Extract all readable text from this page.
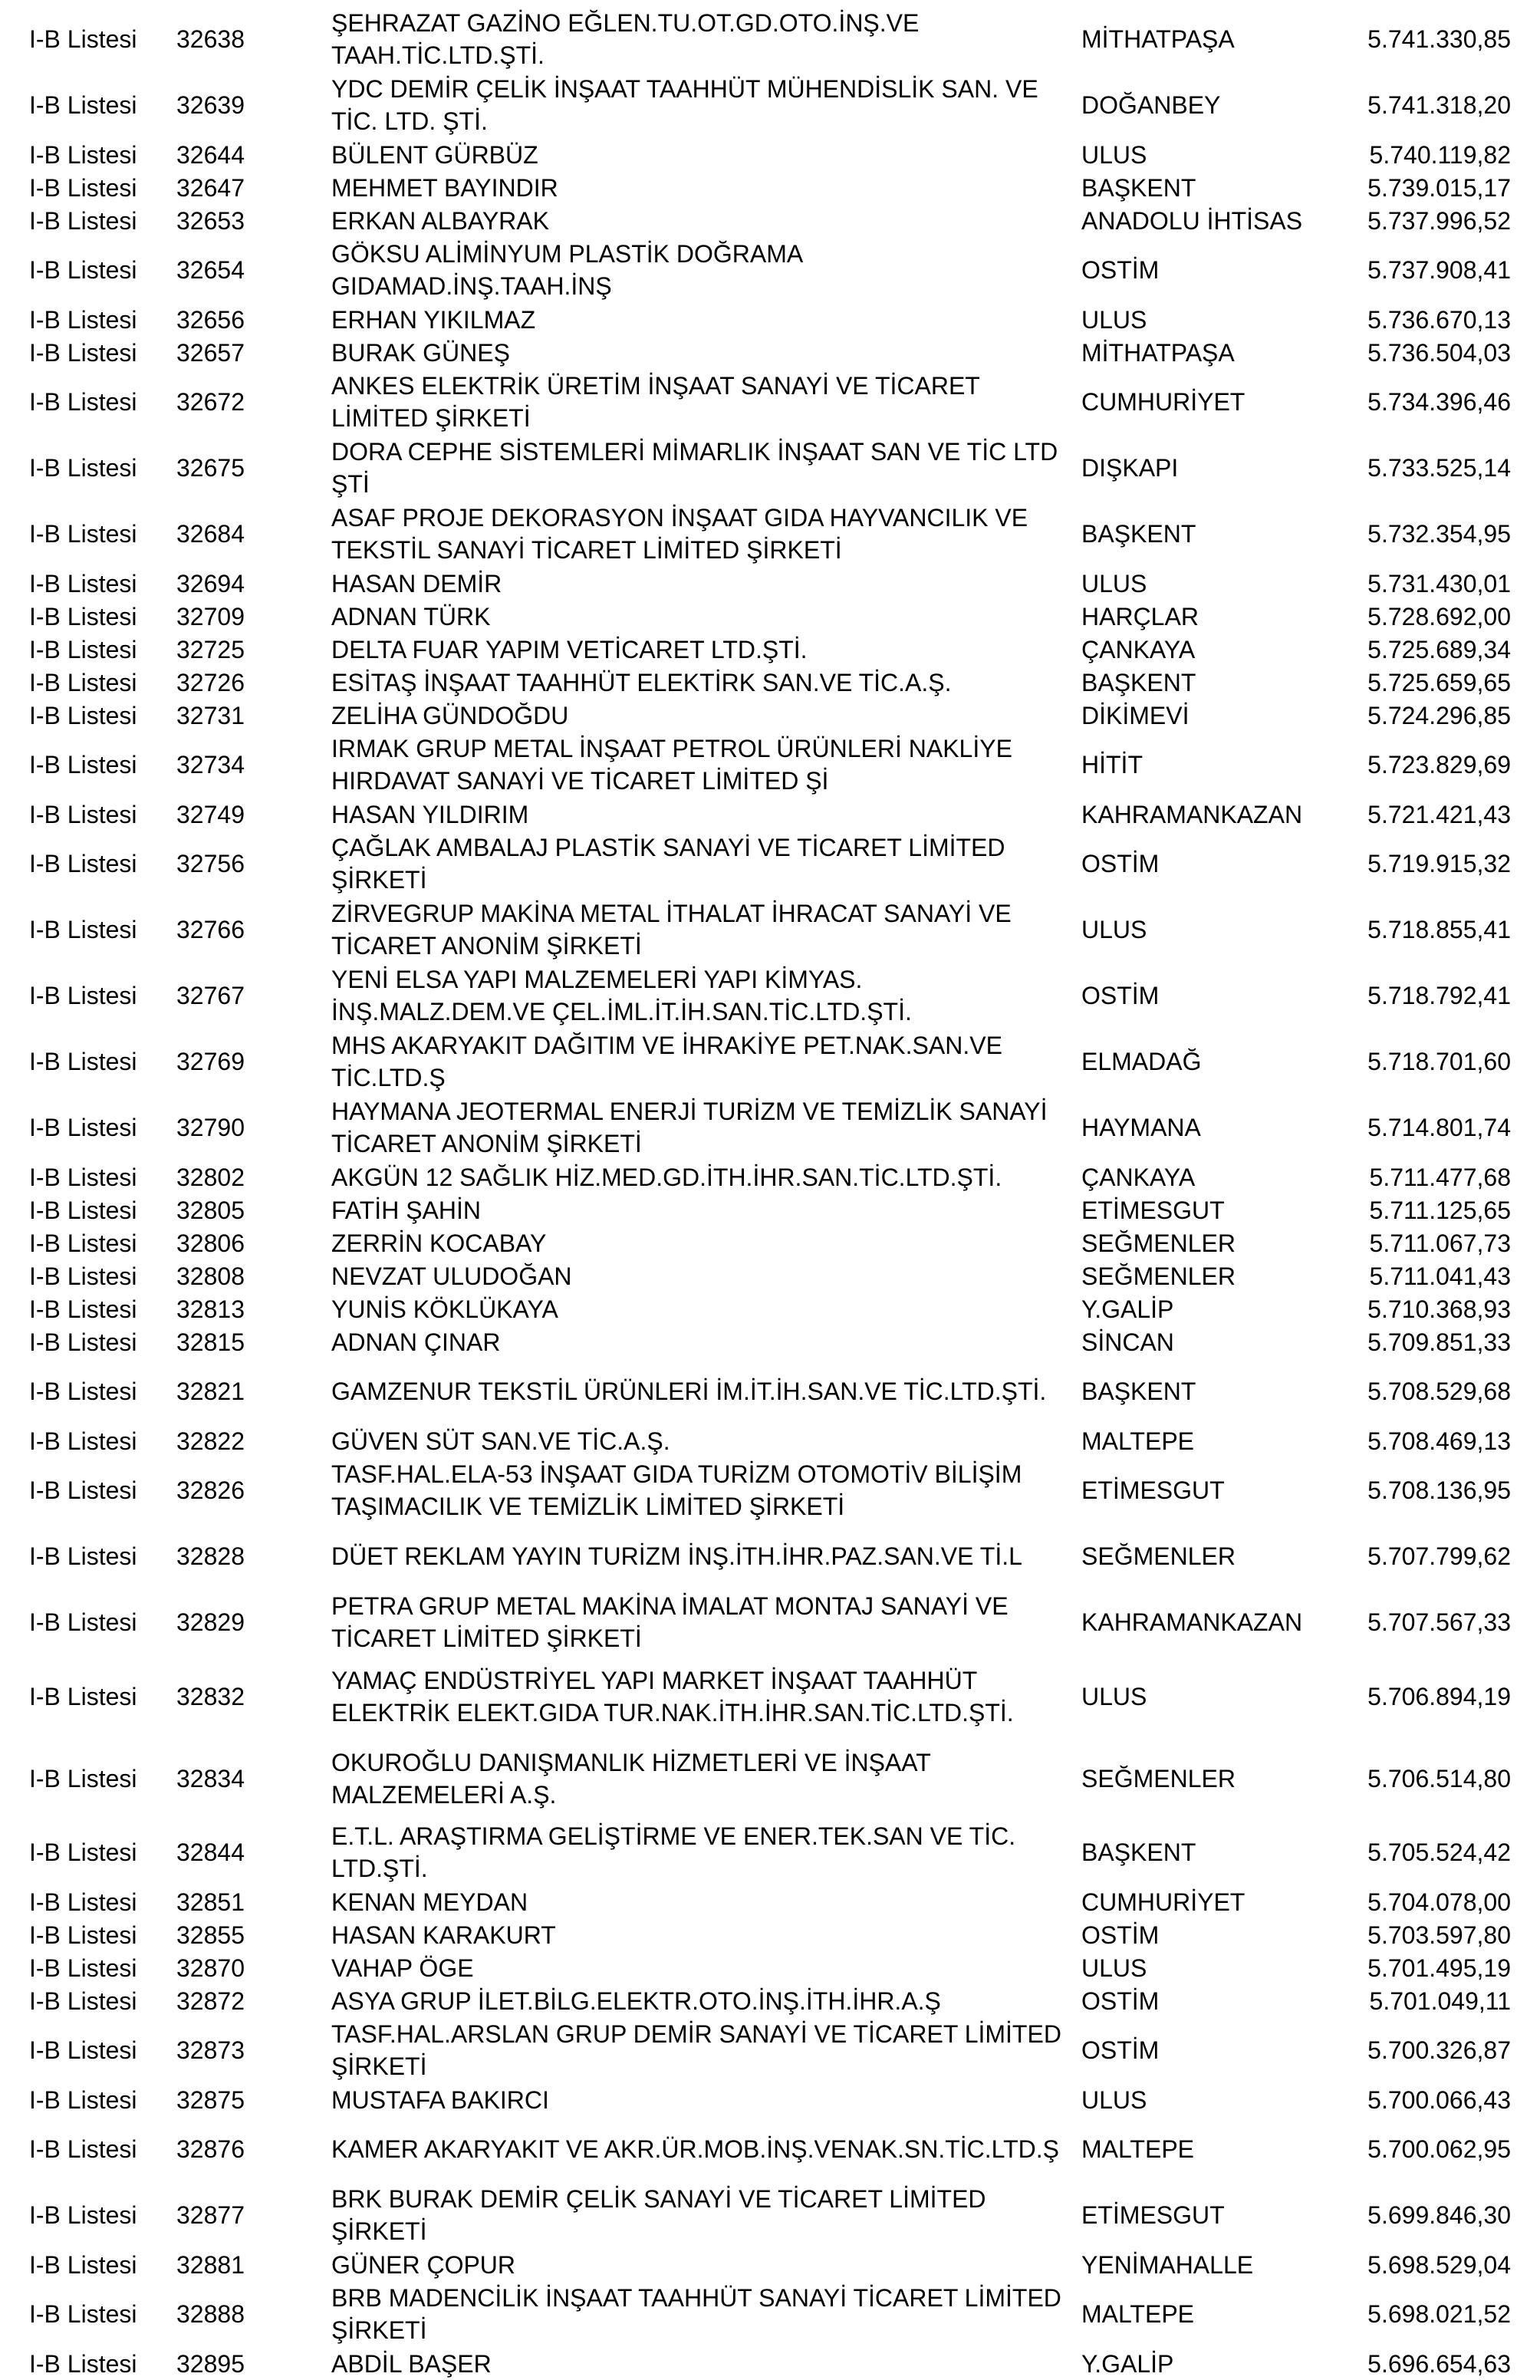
I-B Listesi	32638	ŞEHRAZAT GAZİNO EĞLEN.TU.OT.GD.OTO.İNŞ.VE TAAH.TİC.LTD.ŞTİ.	MİTHATPAŞA	5.741.330,85
I-B Listesi	32639	YDC DEMİR ÇELİK İNŞAAT TAAHHÜT MÜHENDİSLİK SAN. VE TİC. LTD. ŞTİ.	DOĞANBEY	5.741.318,20
I-B Listesi	32644	BÜLENT GÜRBÜZ	ULUS	5.740.119,82
I-B Listesi	32647	MEHMET BAYINDIR	BAŞKENT	5.739.015,17
I-B Listesi	32653	ERKAN ALBAYRAK	ANADOLU İHTİSAS	5.737.996,52
I-B Listesi	32654	GÖKSU ALİMİNYUM PLASTİK DOĞRAMA GIDAMAD.İNŞ.TAAH.İNŞ	OSTİM	5.737.908,41
I-B Listesi	32656	ERHAN YIKILMAZ	ULUS	5.736.670,13
I-B Listesi	32657	BURAK GÜNEŞ	MİTHATPAŞA	5.736.504,03
I-B Listesi	32672	ANKES ELEKTRİK ÜRETİM İNŞAAT SANAYİ VE TİCARET LİMİTED ŞİRKETİ	CUMHURİYET	5.734.396,46
I-B Listesi	32675	DORA CEPHE SİSTEMLERİ MİMARLIK İNŞAAT SAN VE TİC LTD ŞTİ	DIŞKAPI	5.733.525,14
I-B Listesi	32684	ASAF PROJE DEKORASYON İNŞAAT GIDA HAYVANCILIK VE TEKSTİL SANAYİ TİCARET LİMİTED ŞİRKETİ	BAŞKENT	5.732.354,95
I-B Listesi	32694	HASAN DEMİR	ULUS	5.731.430,01
I-B Listesi	32709	ADNAN TÜRK	HARÇLAR	5.728.692,00
I-B Listesi	32725	DELTA FUAR YAPIM VETİCARET LTD.ŞTİ.	ÇANKAYA	5.725.689,34
I-B Listesi	32726	ESİTAŞ İNŞAAT TAAHHÜT ELEKTİRK SAN.VE TİC.A.Ş.	BAŞKENT	5.725.659,65
I-B Listesi	32731	ZELİHA GÜNDOĞDU	DİKİMEVİ	5.724.296,85
I-B Listesi	32734	IRMAK GRUP METAL İNŞAAT PETROL ÜRÜNLERİ NAKLİYE HIRDAVAT SANAYİ VE TİCARET LİMİTED Şİ	HİTİT	5.723.829,69
I-B Listesi	32749	HASAN YILDIRIM	KAHRAMANKAZAN	5.721.421,43
I-B Listesi	32756	ÇAĞLAK AMBALAJ PLASTİK SANAYİ VE TİCARET LİMİTED ŞİRKETİ	OSTİM	5.719.915,32
I-B Listesi	32766	ZİRVEGRUP MAKİNA METAL İTHALAT İHRACAT SANAYİ VE TİCARET ANONİM ŞİRKETİ	ULUS	5.718.855,41
I-B Listesi	32767	YENİ ELSA YAPI MALZEMELERİ YAPI KİMYAS. İNŞ.MALZ.DEM.VE ÇEL.İML.İT.İH.SAN.TİC.LTD.ŞTİ.	OSTİM	5.718.792,41
I-B Listesi	32769	MHS AKARYAKIT DAĞITIM VE İHRAKİYE PET.NAK.SAN.VE TİC.LTD.Ş	ELMADAĞ	5.718.701,60
I-B Listesi	32790	HAYMANA JEOTERMAL ENERJİ TURİZM VE TEMİZLİK SANAYİ TİCARET ANONİM ŞİRKETİ	HAYMANA	5.714.801,74
I-B Listesi	32802	AKGÜN 12 SAĞLIK HİZ.MED.GD.İTH.İHR.SAN.TİC.LTD.ŞTİ.	ÇANKAYA	5.711.477,68
I-B Listesi	32805	FATİH ŞAHİN	ETİMESGUT	5.711.125,65
I-B Listesi	32806	ZERRİN KOCABAY	SEĞMENLER	5.711.067,73
I-B Listesi	32808	NEVZAT ULUDOĞAN	SEĞMENLER	5.711.041,43
I-B Listesi	32813	YUNİS KÖKLÜKAYA	Y.GALİP	5.710.368,93
I-B Listesi	32815	ADNAN ÇINAR	SİNCAN	5.709.851,33
I-B Listesi	32821	GAMZENUR TEKSTİL ÜRÜNLERİ İM.İT.İH.SAN.VE TİC.LTD.ŞTİ.	BAŞKENT	5.708.529,68
I-B Listesi	32822	GÜVEN SÜT SAN.VE TİC.A.Ş.	MALTEPE	5.708.469,13
I-B Listesi	32826	TASF.HAL.ELA-53 İNŞAAT GIDA TURİZM OTOMOTİV BİLİŞİM TAŞIMACILIK VE TEMİZLİK LİMİTED ŞİRKETİ	ETİMESGUT	5.708.136,95
I-B Listesi	32828	DÜET REKLAM YAYIN TURİZM İNŞ.İTH.İHR.PAZ.SAN.VE Tİ.L	SEĞMENLER	5.707.799,62
I-B Listesi	32829	PETRA GRUP METAL MAKİNA İMALAT MONTAJ SANAYİ VE TİCARET LİMİTED ŞİRKETİ	KAHRAMANKAZAN	5.707.567,33
I-B Listesi	32832	YAMAÇ ENDÜSTRİYEL YAPI MARKET İNŞAAT TAAHHÜT ELEKTRİK ELEKT.GIDA TUR.NAK.İTH.İHR.SAN.TİC.LTD.ŞTİ.	ULUS	5.706.894,19
I-B Listesi	32834	OKUROĞLU DANIŞMANLIK HİZMETLERİ VE İNŞAAT MALZEMELERİ A.Ş.	SEĞMENLER	5.706.514,80
I-B Listesi	32844	E.T.L. ARAŞTIRMA GELİŞTİRME VE ENER.TEK.SAN VE TİC. LTD.ŞTİ.	BAŞKENT	5.705.524,42
I-B Listesi	32851	KENAN MEYDAN	CUMHURİYET	5.704.078,00
I-B Listesi	32855	HASAN KARAKURT	OSTİM	5.703.597,80
I-B Listesi	32870	VAHAP ÖGE	ULUS	5.701.495,19
I-B Listesi	32872	ASYA GRUP İLET.BİLG.ELEKTR.OTO.İNŞ.İTH.İHR.A.Ş	OSTİM	5.701.049,11
I-B Listesi	32873	TASF.HAL.ARSLAN GRUP DEMİR SANAYİ VE TİCARET LİMİTED ŞİRKETİ	OSTİM	5.700.326,87
I-B Listesi	32875	MUSTAFA BAKIRCI	ULUS	5.700.066,43
I-B Listesi	32876	KAMER AKARYAKIT VE AKR.ÜR.MOB.İNŞ.VENAK.SN.TİC.LTD.Ş	MALTEPE	5.700.062,95
I-B Listesi	32877	BRK BURAK DEMİR ÇELİK SANAYİ VE TİCARET LİMİTED ŞİRKETİ	ETİMESGUT	5.699.846,30
I-B Listesi	32881	GÜNER ÇOPUR	YENİMAHALLE	5.698.529,04
I-B Listesi	32888	BRB MADENCİLİK İNŞAAT TAAHHÜT SANAYİ TİCARET LİMİTED ŞİRKETİ	MALTEPE	5.698.021,52
I-B Listesi	32895	ABDİL BAŞER	Y.GALİP	5.696.654,63
